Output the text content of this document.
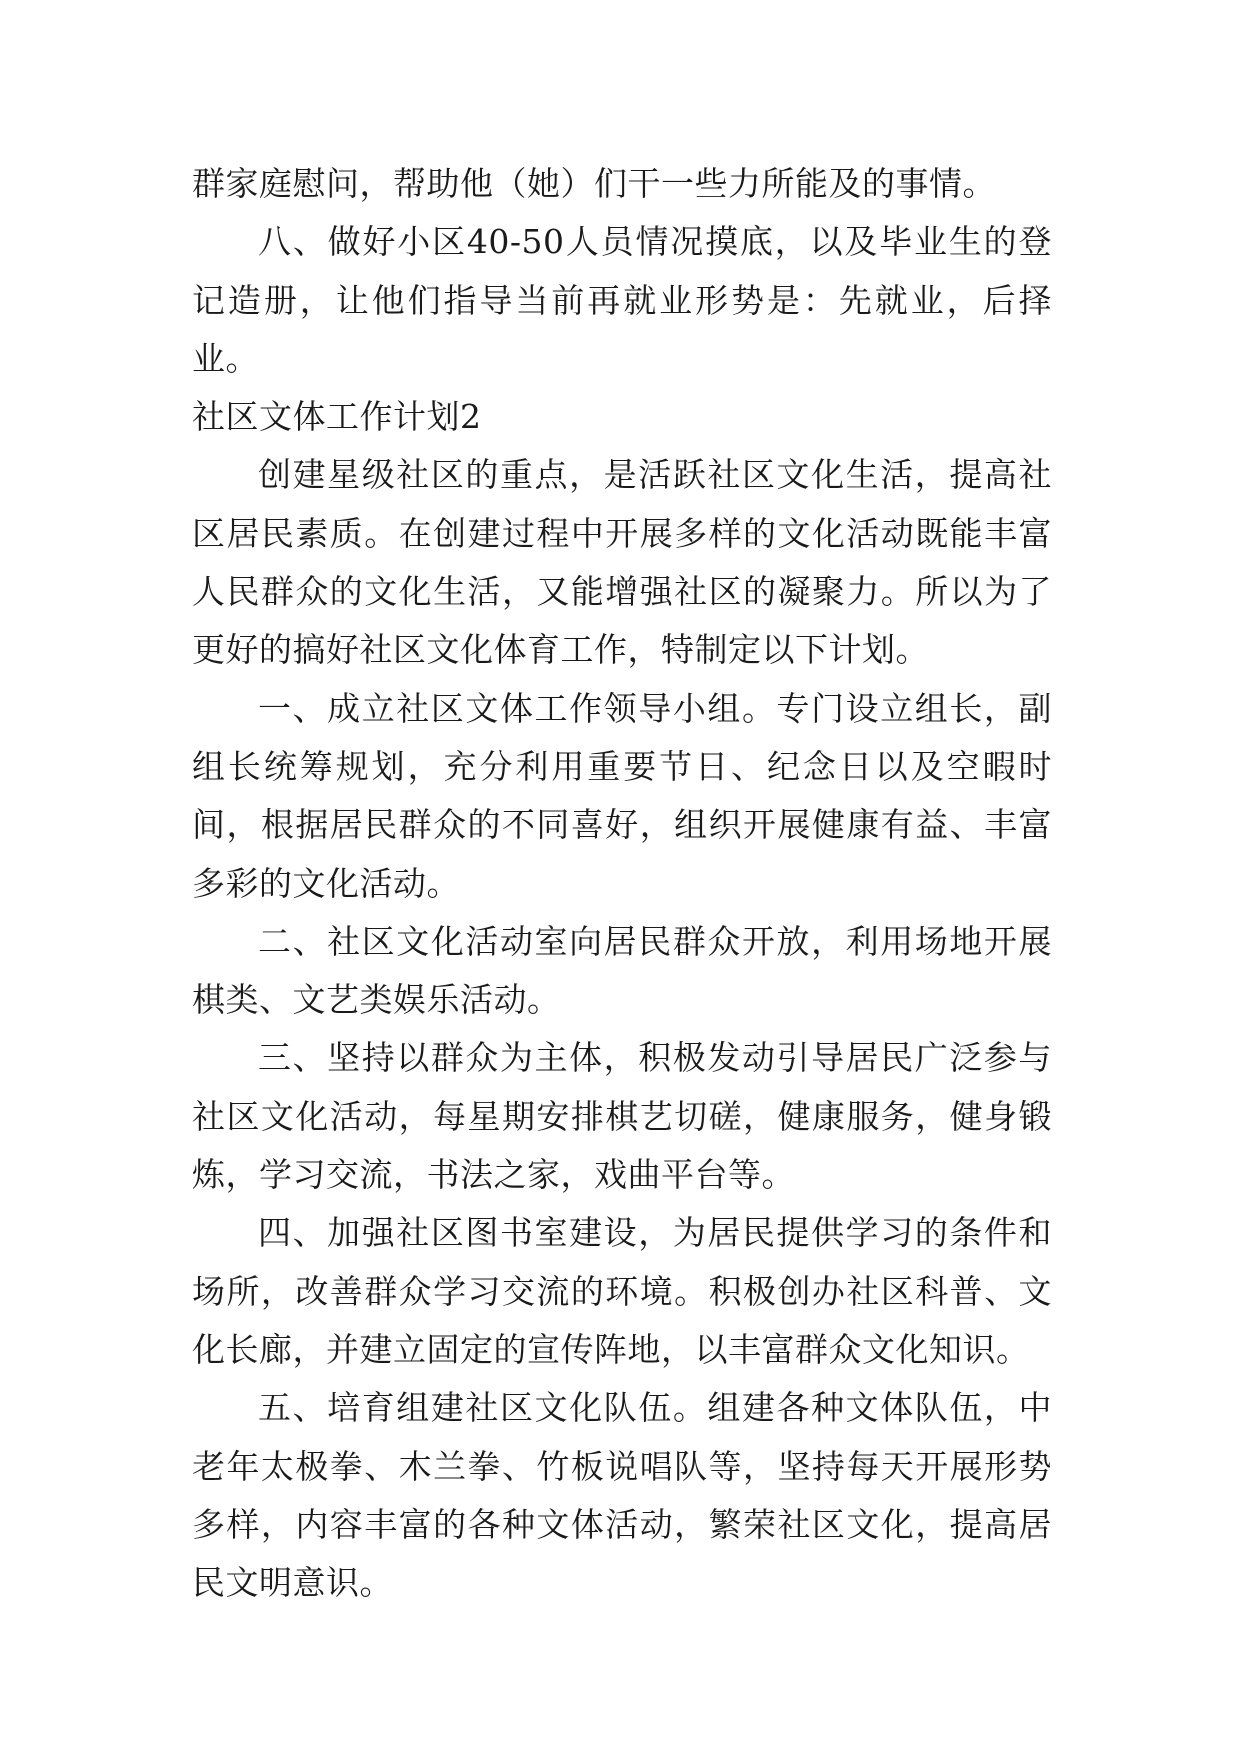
群家庭慰问，帮助他（她）们干一些力所能及的事情。

八、做好小区40-50人员情况摸底，以及毕业生的登记造册，让他们指导当前再就业形势是：先就业，后择业。

社区文体工作计划2

创建星级社区的重点，是活跃社区文化生活，提高社区居民素质。在创建过程中开展多样的文化活动既能丰富人民群众的文化生活，又能增强社区的凝聚力。所以为了更好的搞好社区文化体育工作，特制定以下计划。

一、成立社区文体工作领导小组。专门设立组长，副组长统筹规划，充分利用重要节日、纪念日以及空暇时间，根据居民群众的不同喜好，组织开展健康有益、丰富多彩的文化活动。

二、社区文化活动室向居民群众开放，利用场地开展棋类、文艺类娱乐活动。

三、坚持以群众为主体，积极发动引导居民广泛参与社区文化活动，每星期安排棋艺切磋，健康服务，健身锻炼，学习交流，书法之家，戏曲平台等。

四、加强社区图书室建设，为居民提供学习的条件和场所，改善群众学习交流的环境。积极创办社区科普、文化长廊，并建立固定的宣传阵地，以丰富群众文化知识。

五、培育组建社区文化队伍。组建各种文体队伍，中老年太极拳、木兰拳、竹板说唱队等，坚持每天开展形势多样，内容丰富的各种文体活动，繁荣社区文化，提高居民文明意识。
